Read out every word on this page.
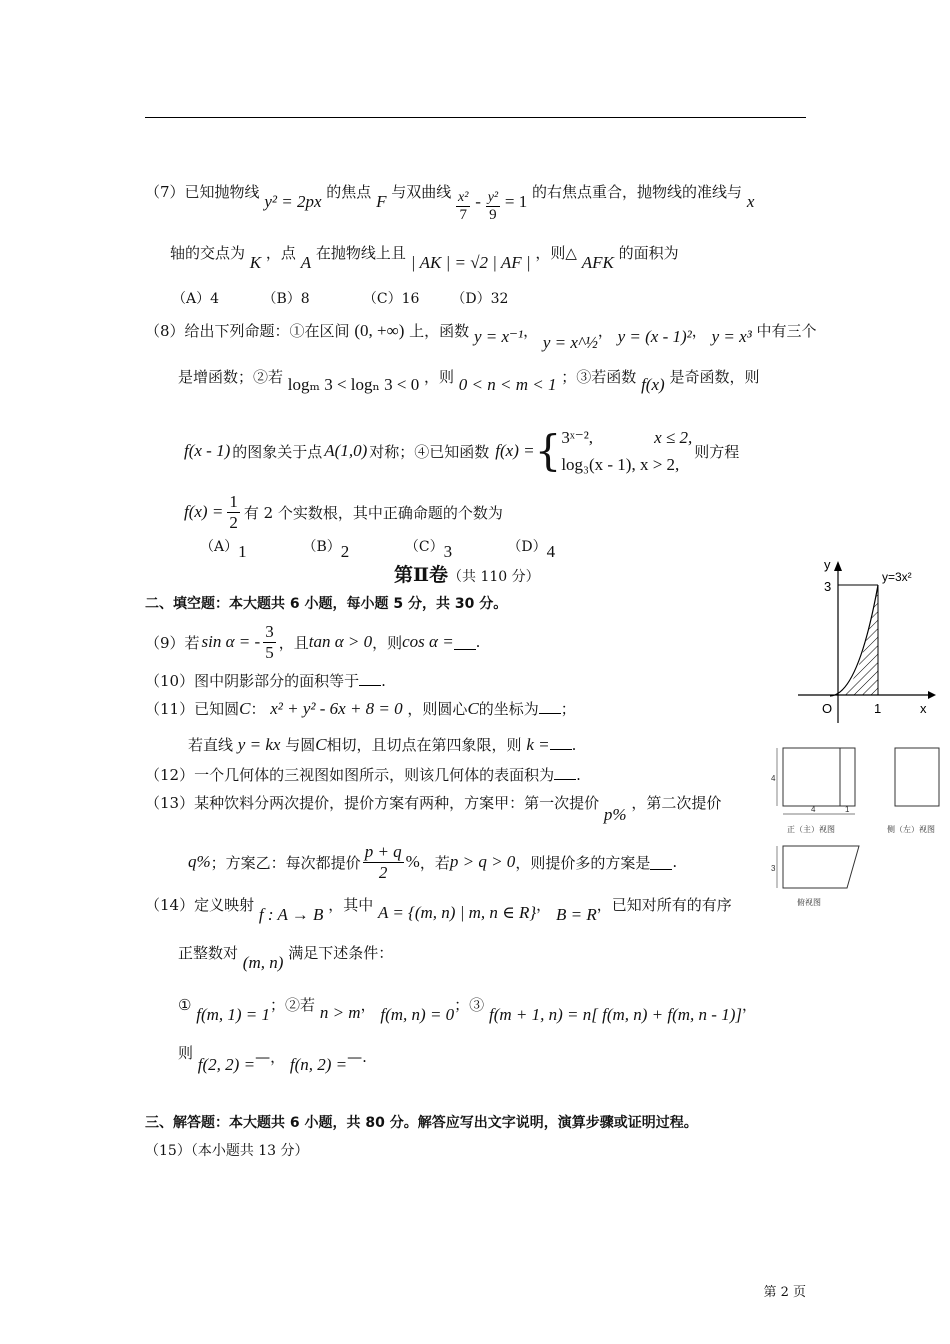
（7）已知抛物线 y² = 2px 的焦点 F 与双曲线 $\frac{\text{x²}}{7} - \frac{\text{y²}}{9} = 1$ 的右焦点重合，抛物线的准线与 x
轴的交点为 K ，点 A 在抛物线上且 | AK | = √2 | AF | ，则△ AFK 的面积为
（A）4	（B）8	（C）16 （D）32
（8）给出下列命题：①在区间 (0, +∞) 上，函数 y = x⁻¹， y = x^½， y = (x - 1)²， y = x³ 中有三个
是增函数；②若 logₘ 3 < logₙ 3 < 0 ，则 0 < n < m < 1 ；③若函数 f(x) 是奇函数，则
f(x - 1) 的图象关于点 A(1,0) 对称；④已知函数 f(x) = { 3ˣ⁻²,	x ≤ 2,
log₃(x - 1), x > 2,
则方程
$f(x) = \frac{1}{2}$ 有 2 个实数根，其中正确命题的个数为
（A）1	（B）2	（C）3	（D）4
第Ⅱ卷（共 110 分）
二、填空题：本大题共 6 小题，每小题 5 分，共 30 分。
（9）若 sin α = - $\frac{3}{5}$ ，且 tan α > 0 ，则 cos α = .
（10）图中阴影部分的面积等于 .
（11）已知圆C： x² + y² - 6x + 8 = 0 ，则圆心C的坐标为 ；
若直线 y = kx 与圆C相切，且切点在第四象限，则 k = .
（12）一个几何体的三视图如图所示，则该几何体的表面积为 .
（13）某种饮料分两次提价，提价方案有两种，方案甲：第一次提价 p% ，第二次提价
q% ；方案乙：每次都提价 $\frac{p + q}{2}$ % ，若 p > q > 0 ，则提价多的方案是 .
（14）定义映射 f : A → B ，其中 A = {(m, n) | m, n ∈ R}， B = R，已知对所有的有序
正整数对 (m, n) 满足下述条件：
① f(m, 1) = 1；②若 n > m， f(m, n) = 0；③ f(m + 1, n) = n[ f(m, n) + f(m, n - 1)]，
则 f(2, 2) =—， f(n, 2) =—.
三、解答题：本大题共 6 小题，共 80 分。解答应写出文字说明，演算步骤或证明过程。
（15）（本小题共 13 分）
y
x
O
3
1
y=3x²
4
4	1
正（主）视图	侧（左）视图
3
俯视图
第 2 页
